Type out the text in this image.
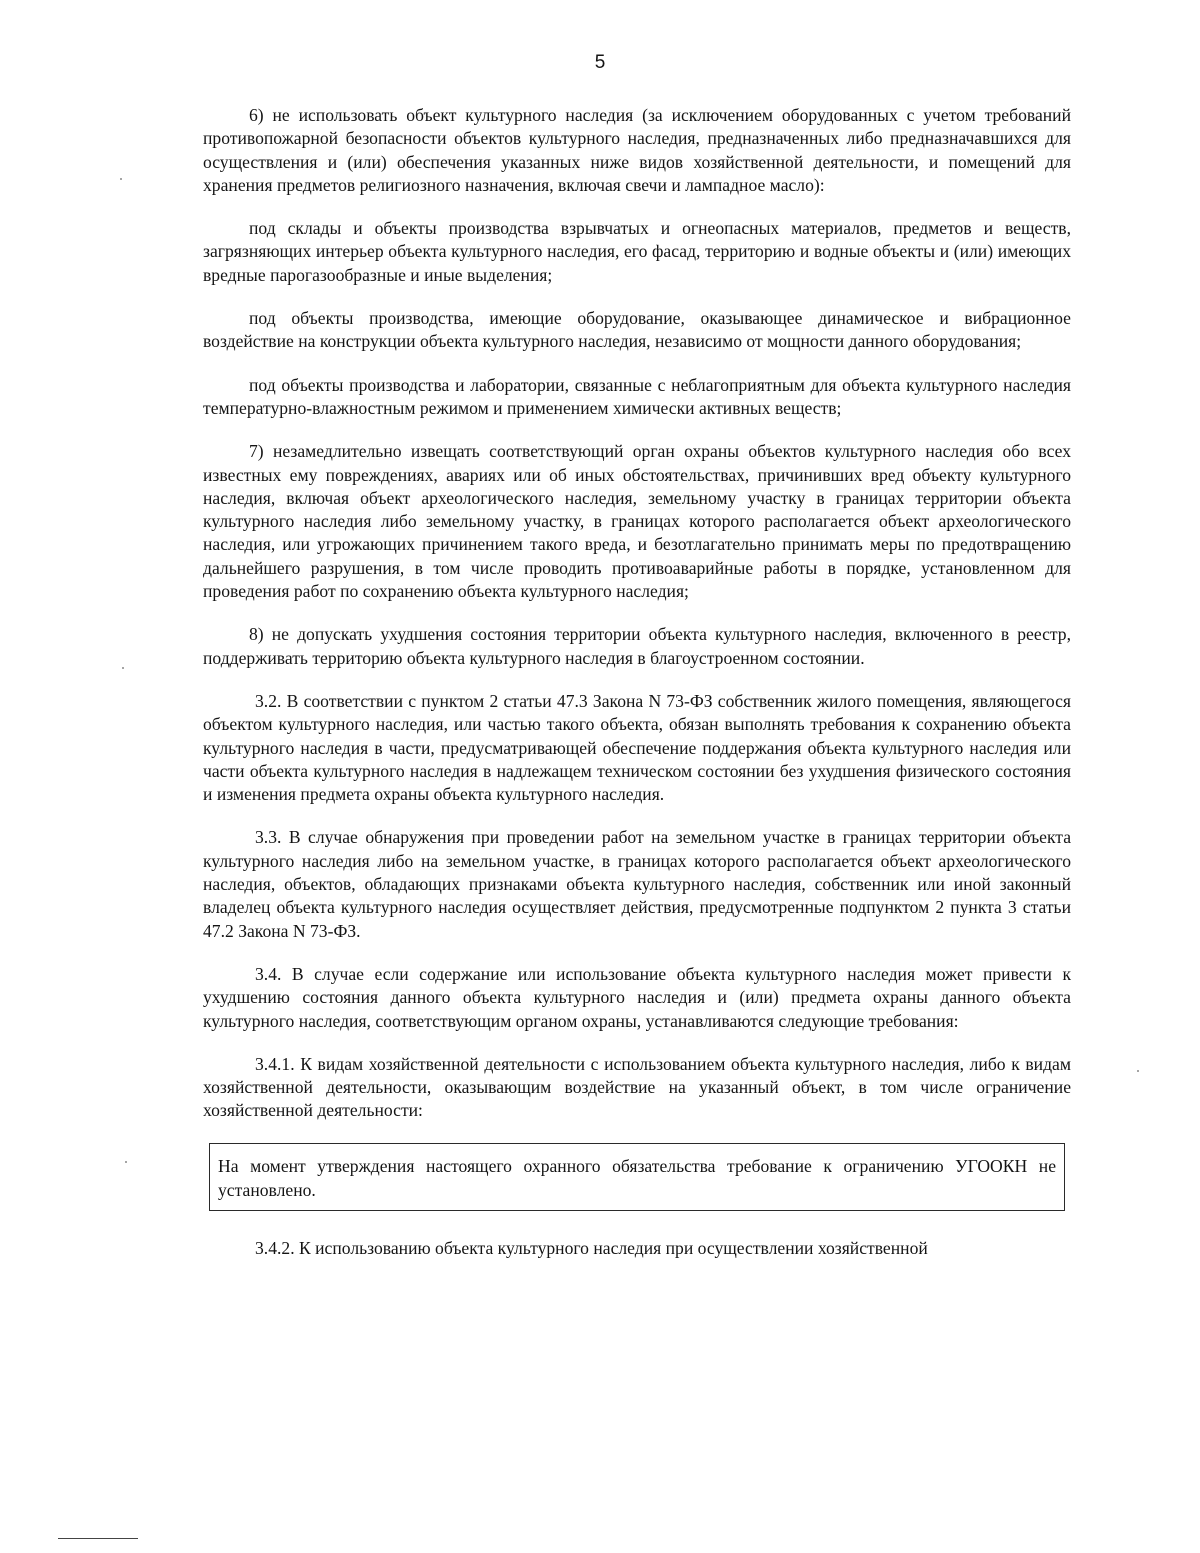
5

6) не использовать объект культурного наследия (за исключением оборудованных с учетом требований противопожарной безопасности объектов культурного наследия, предназначенных либо предназначавшихся для осуществления и (или) обеспечения указанных ниже видов хозяйственной деятельности, и помещений для хранения предметов религиозного назначения, включая свечи и лампадное масло):

под склады и объекты производства взрывчатых и огнеопасных материалов, предметов и веществ, загрязняющих интерьер объекта культурного наследия, его фасад, территорию и водные объекты и (или) имеющих вредные парогазообразные и иные выделения;

под объекты производства, имеющие оборудование, оказывающее динамическое и вибрационное воздействие на конструкции объекта культурного наследия, независимо от мощности данного оборудования;

под объекты производства и лаборатории, связанные с неблагоприятным для объекта культурного наследия температурно-влажностным режимом и применением химически активных веществ;

7) незамедлительно извещать соответствующий орган охраны объектов культурного наследия обо всех известных ему повреждениях, авариях или об иных обстоятельствах, причинивших вред объекту культурного наследия, включая объект археологического наследия, земельному участку в границах территории объекта культурного наследия либо земельному участку, в границах которого располагается объект археологического наследия, или угрожающих причинением такого вреда, и безотлагательно принимать меры по предотвращению дальнейшего разрушения, в том числе проводить противоаварийные работы в порядке, установленном для проведения работ по сохранению объекта культурного наследия;

8) не допускать ухудшения состояния территории объекта культурного наследия, включенного в реестр, поддерживать территорию объекта культурного наследия в благоустроенном состоянии.

3.2. В соответствии с пунктом 2 статьи 47.3 Закона N 73-ФЗ собственник жилого помещения, являющегося объектом культурного наследия, или частью такого объекта, обязан выполнять требования к сохранению объекта культурного наследия в части, предусматривающей обеспечение поддержания объекта культурного наследия или части объекта культурного наследия в надлежащем техническом состоянии без ухудшения физического состояния и изменения предмета охраны объекта культурного наследия.

3.3. В случае обнаружения при проведении работ на земельном участке в границах территории объекта культурного наследия либо на земельном участке, в границах которого располагается объект археологического наследия, объектов, обладающих признаками объекта культурного наследия, собственник или иной законный владелец объекта культурного наследия осуществляет действия, предусмотренные подпунктом 2 пункта 3 статьи 47.2 Закона N 73-ФЗ.

3.4. В случае если содержание или использование объекта культурного наследия может привести к ухудшению состояния данного объекта культурного наследия и (или) предмета охраны данного объекта культурного наследия, соответствующим органом охраны, устанавливаются следующие требования:

3.4.1. К видам хозяйственной деятельности с использованием объекта культурного наследия, либо к видам хозяйственной деятельности, оказывающим воздействие на указанный объект, в том числе ограничение хозяйственной деятельности:

На момент утверждения настоящего охранного обязательства требование к ограничению УГООКН не установлено.

3.4.2. К использованию объекта культурного наследия при осуществлении хозяйственной
